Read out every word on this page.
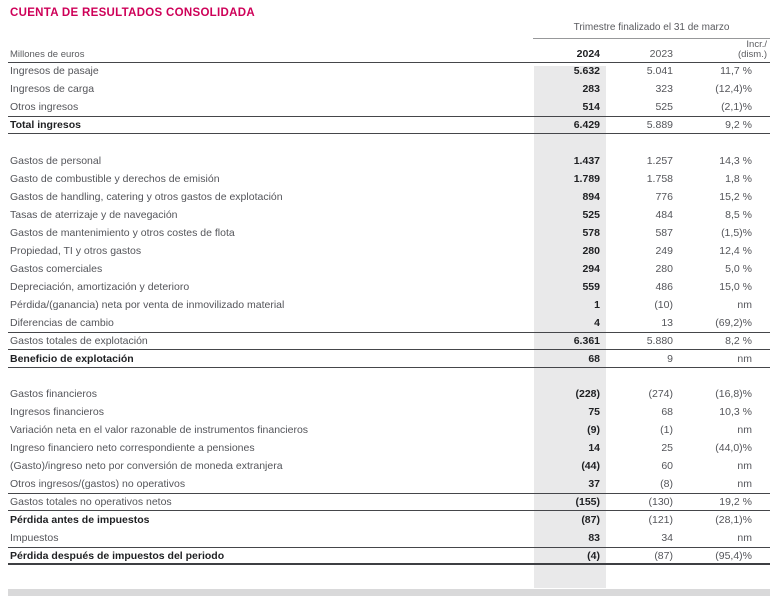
CUENTA DE RESULTADOS CONSOLIDADA
Trimestre finalizado el 31 de marzo
Millones de euros	2024	2023
Incr./
(dism.)
Ingresos de pasaje	5.632	5.041	11,7 %
Ingresos de carga	283	323	(12,4)%
Otros ingresos	514	525	(2,1)%
Total ingresos	6.429	5.889	9,2 %
Gastos de personal	1.437	1.257	14,3 %
Gasto de combustible y derechos de emisión	1.789	1.758	1,8 %
Gastos de handling, catering y otros gastos de explotación	894	776	15,2 %
Tasas de aterrizaje y de navegación	525	484	8,5 %
Gastos de mantenimiento y otros costes de flota	578	587	(1,5)%
Propiedad, TI y otros gastos	280	249	12,4 %
Gastos comerciales	294	280	5,0 %
Depreciación, amortización y deterioro	559	486	15,0 %
Pérdida/(ganancia) neta por venta de inmovilizado material	1	(10)	nm
Diferencias de cambio	4	13	(69,2)%
Gastos totales de explotación	6.361	5.880	8,2 %
Beneficio de explotación	68	9	nm
Gastos financieros	(228)	(274)	(16,8)%
Ingresos financieros	75	68	10,3 %
Variación neta en el valor razonable de instrumentos financieros	(9)	(1)	nm
Ingreso financiero neto correspondiente a pensiones	14	25	(44,0)%
(Gasto)/ingreso neto por conversión de moneda extranjera	(44)	60	nm
Otros ingresos/(gastos) no operativos	37	(8)	nm
Gastos totales no operativos netos	(155)	(130)	19,2 %
Pérdida antes de impuestos	(87)	(121)	(28,1)%
Impuestos	83	34	nm
Pérdida después de impuestos del periodo	(4)	(87)	(95,4)%
